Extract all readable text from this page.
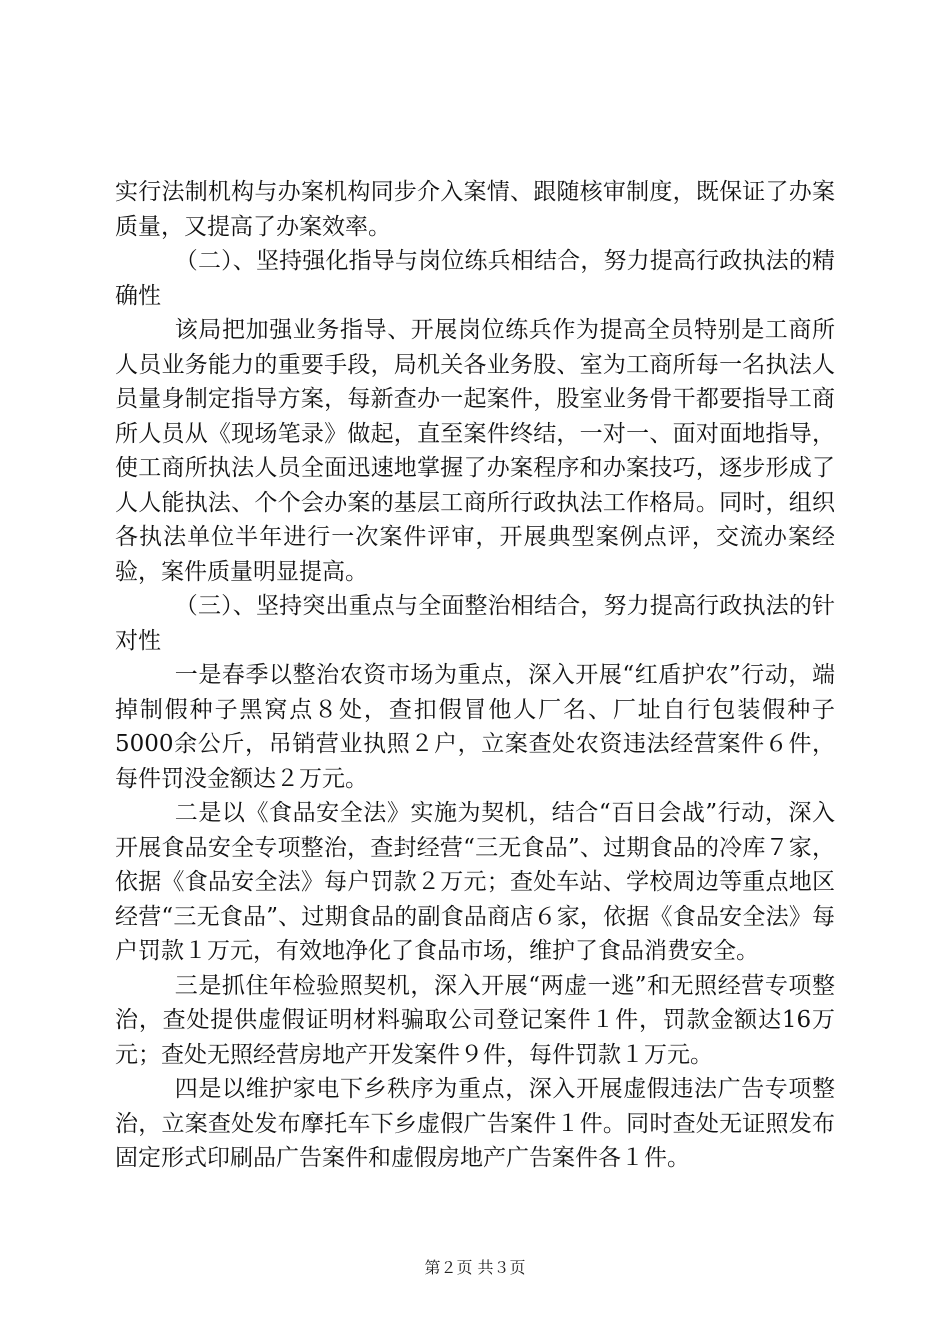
实行法制机构与办案机构同步介入案情、跟随核审制度，既保证了办案质量，又提高了办案效率。

（二）、坚持强化指导与岗位练兵相结合，努力提高行政执法的精确性

该局把加强业务指导、开展岗位练兵作为提高全员特别是工商所人员业务能力的重要手段，局机关各业务股、室为工商所每一名执法人员量身制定指导方案，每新查办一起案件，股室业务骨干都要指导工商所人员从《现场笔录》做起，直至案件终结，一对一、面对面地指导，使工商所执法人员全面迅速地掌握了办案程序和办案技巧，逐步形成了人人能执法、个个会办案的基层工商所行政执法工作格局。同时，组织各执法单位半年进行一次案件评审，开展典型案例点评，交流办案经验，案件质量明显提高。

（三）、坚持突出重点与全面整治相结合，努力提高行政执法的针对性

一是春季以整治农资市场为重点，深入开展“红盾护农”行动，端掉制假种子黑窝点８处，查扣假冒他人厂名、厂址自行包装假种子5000余公斤，吊销营业执照２户，立案查处农资违法经营案件６件，每件罚没金额达２万元。

二是以《食品安全法》实施为契机，结合“百日会战”行动，深入开展食品安全专项整治，查封经营“三无食品”、过期食品的冷库７家，依据《食品安全法》每户罚款２万元；查处车站、学校周边等重点地区经营“三无食品”、过期食品的副食品商店６家，依据《食品安全法》每户罚款１万元，有效地净化了食品市场，维护了食品消费安全。

三是抓住年检验照契机，深入开展“两虚一逃”和无照经营专项整治，查处提供虚假证明材料骗取公司登记案件１件，罚款金额达16万元；查处无照经营房地产开发案件９件，每件罚款１万元。

四是以维护家电下乡秩序为重点，深入开展虚假违法广告专项整治，立案查处发布摩托车下乡虚假广告案件１件。同时查处无证照发布固定形式印刷品广告案件和虚假房地产广告案件各１件。

第２页 共３页
